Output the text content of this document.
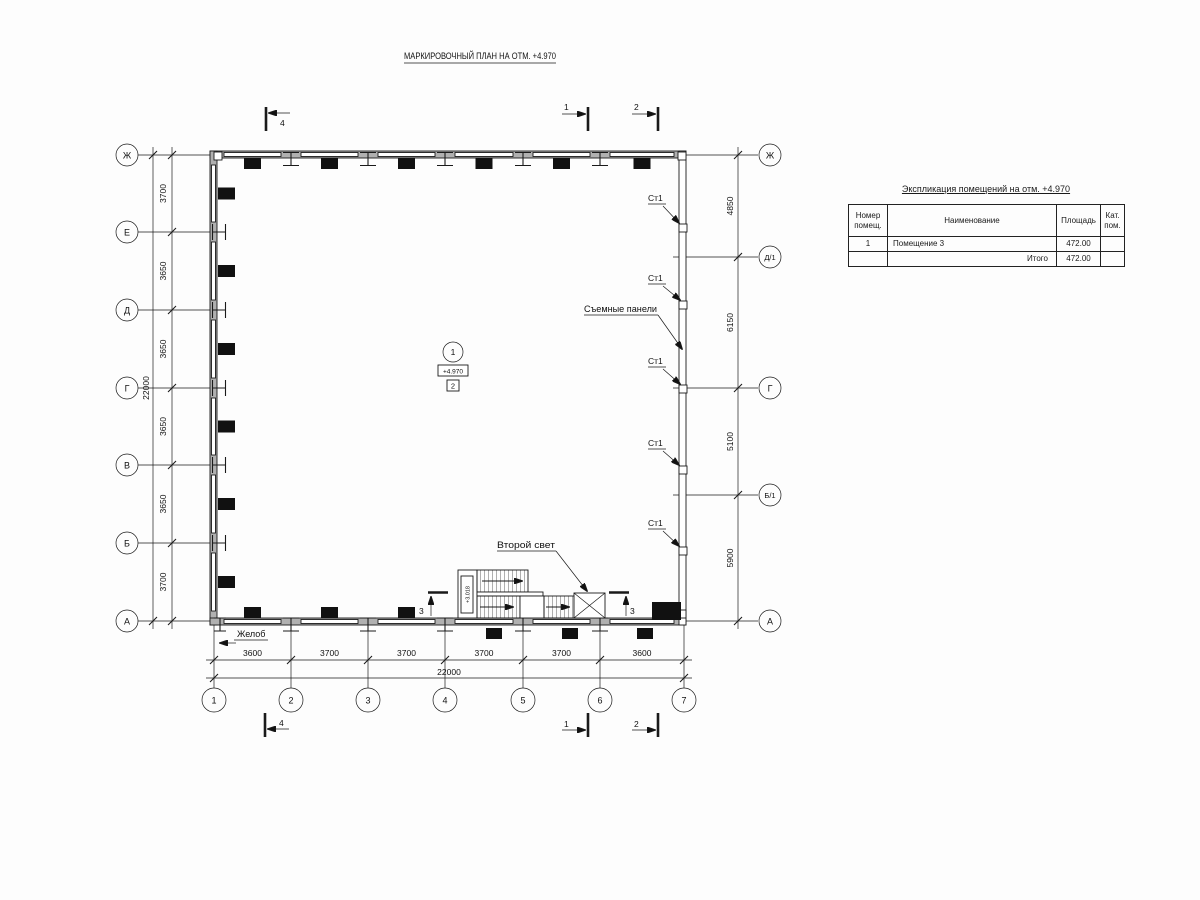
МАРКИРОВОЧНЫЙ ПЛАН НА ОТМ. +4.970
3700
3650
3650
3650
3650
3700
22000
4850
6150
5100
5900
3600	3700	3700	3700	3700	3600
22000
Ж
Е
Д
Г
В
Б
А
Ж
Д/1
Г
Б/1
А
1	2	3	4	5	6	7
+3.018
Ст1
Ст1
Ст1
Ст1
Ст1
Съемные панели
Второй свет
Желоб
1
+4.970
2
4
1	2
4	1	2
3	3
Экспликация помещений на отм. +4.970
Номер
помещ.	Наименование	Площадь	Кат.
пом.
1	Помещение 3	472.00	
	Итого	472.00	
